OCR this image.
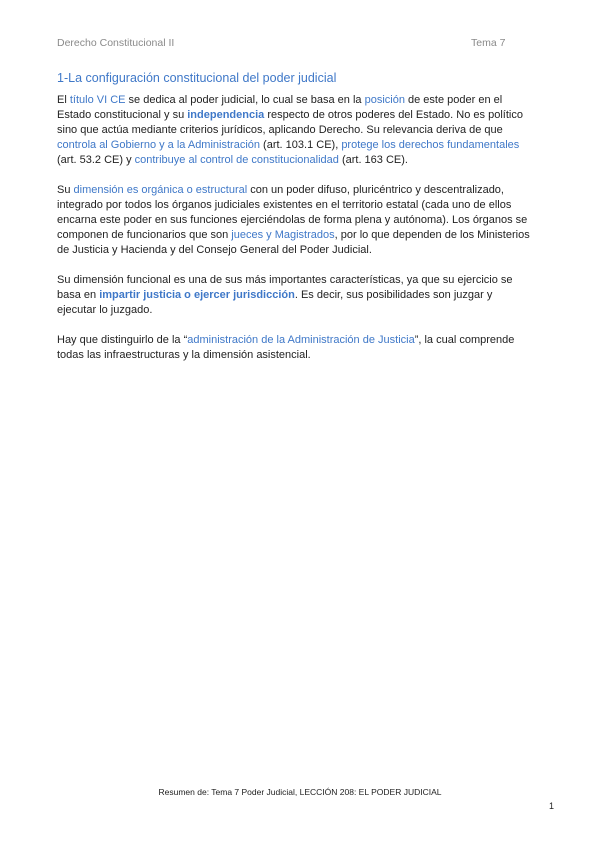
Derecho Constitucional II	Tema 7
1-La configuración constitucional del poder judicial

El título VI CE se dedica al poder judicial, lo cual se basa en la posición de este poder en el Estado constitucional y su independencia respecto de otros poderes del Estado. No es político sino que actúa mediante criterios jurídicos, aplicando Derecho. Su relevancia deriva de que controla al Gobierno y a la Administración (art. 103.1 CE), protege los derechos fundamentales (art. 53.2 CE) y contribuye al control de constitucionalidad (art. 163 CE).

Su dimensión es orgánica o estructural con un poder difuso, pluricéntrico y descentralizado, integrado por todos los órganos judiciales existentes en el territorio estatal (cada uno de ellos encarna este poder en sus funciones ejerciéndolas de forma plena y autónoma). Los órganos se componen de funcionarios que son jueces y Magistrados, por lo que dependen de los Ministerios de Justicia y Hacienda y del Consejo General del Poder Judicial.

Su dimensión funcional es una de sus más importantes características, ya que su ejercicio se basa en impartir justicia o ejercer jurisdicción. Es decir, sus posibilidades son juzgar y ejecutar lo juzgado.

Hay que distinguirlo de la “administración de la Administración de Justicia”, la cual comprende todas las infraestructuras y la dimensión asistencial.

Resumen de: Tema 7 Poder Judicial, LECCIÓN 208: EL PODER JUDICIAL
1
